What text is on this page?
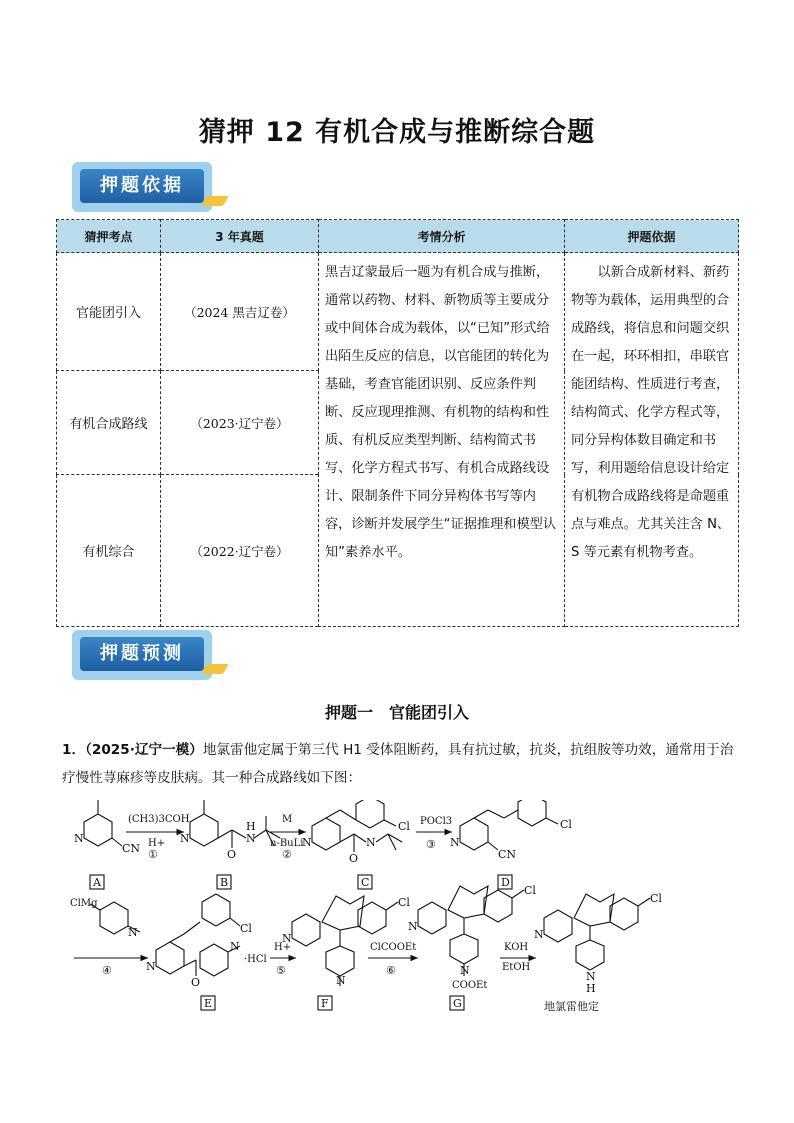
猜押 12 有机合成与推断综合题
押题依据
猜押考点	3 年真题	考情分析	押题依据
官能团引入	（2024 黑吉辽卷）	黑吉辽蒙最后一题为有机合成与推断，通常以药物、材料、新物质等主要成分或中间体合成为载体，以“已知”形式给出陌生反应的信息，以官能团的转化为基础，考查官能团识别、反应条件判断、反应现理推测、有机物的结构和性质、有机反应类型判断、结构简式书写、化学方程式书写、有机合成路线设计、限制条件下同分异构体书写等内容，诊断并发展学生“证据推理和模型认知”素养水平。	以新合成新材料、新药物等为载体，运用典型的合成路线，将信息和问题交织在一起，环环相扣，串联官能团结构、性质进行考查，结构简式、化学方程式等，同分异构体数目确定和书写，利用题给信息设计给定有机物合成路线将是命题重点与难点。尤其关注含 N、S 等元素有机物考查。
有机合成路线	（2023·辽宁卷）		
有机综合	（2022·辽宁卷）		
押题预测
押题一　官能团引入
1．（2025·辽宁一模）地氯雷他定属于第三代 H1 受体阻断药，具有抗过敏，抗炎，抗组胺等功效，通常用于治疗慢性荨麻疹等皮肤病。其一种合成路线如下图：
N
CN
A
(CH3)3COH
H+
①
N
O
N
H
B
M
n-BuLi
②
N
Cl
O
N
C
POCl3
③ N
Cl
CN
D
ClMg
N
④	N
Cl
O
N
E
·HCl
H+
⑤
N
Cl
N
F
ClCOOEt
⑥
N
Cl
N
COOEt
G
KOH
EtOH
N
Cl
N
H
地氯雷他定
